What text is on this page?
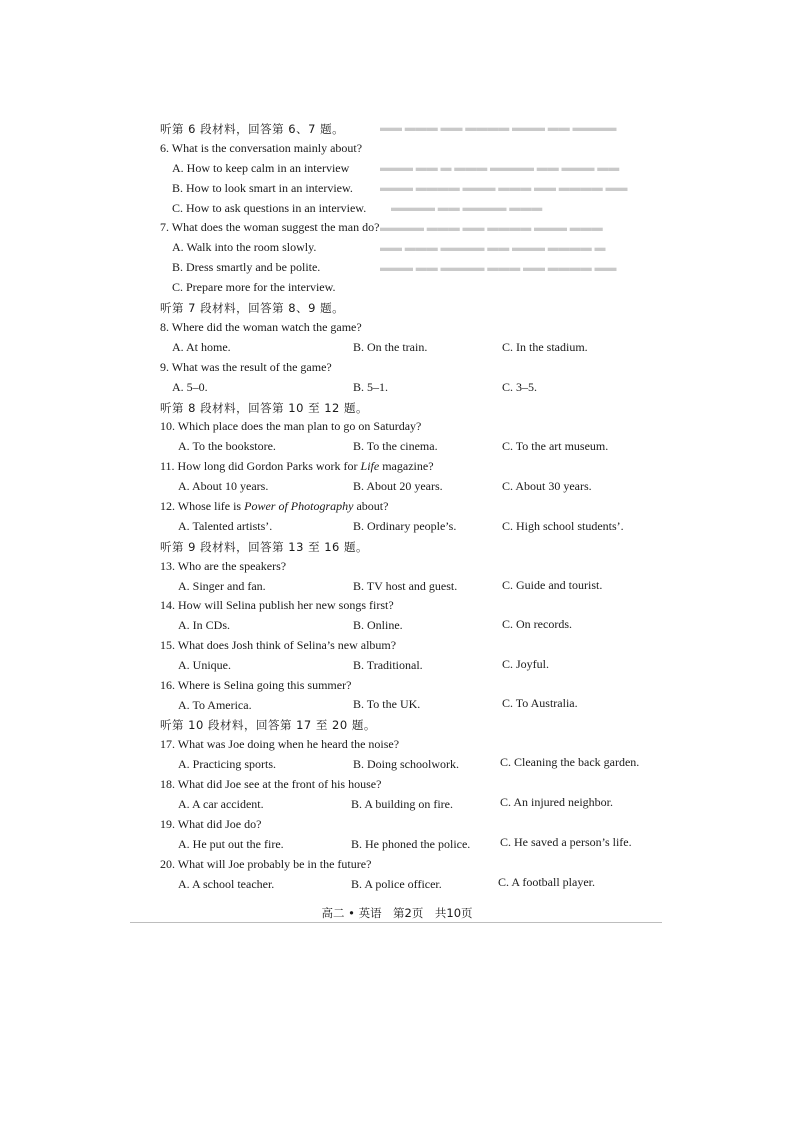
▬▬ ▬▬▬ ▬▬ ▬▬▬▬ ▬▬▬ ▬▬ ▬▬▬▬

▬▬▬ ▬▬ ▬ ▬▬▬ ▬▬▬▬ ▬▬ ▬▬▬ ▬▬
▬▬▬ ▬▬▬▬ ▬▬▬ ▬▬▬ ▬▬ ▬▬▬▬ ▬▬
▬▬▬▬ ▬▬ ▬▬▬▬ ▬▬▬
▬▬▬▬ ▬▬▬ ▬▬ ▬▬▬▬ ▬▬▬ ▬▬▬
▬▬ ▬▬▬ ▬▬▬▬ ▬▬ ▬▬▬ ▬▬▬▬ ▬
▬▬▬ ▬▬ ▬▬▬▬ ▬▬▬ ▬▬ ▬▬▬▬ ▬▬
听第 6 段材料，回答第 6、7 题。
6. What is the conversation mainly about?
A. How to keep calm in an interview
B. How to look smart in an interview.
C. How to ask questions in an interview.
7. What does the woman suggest the man do?
A. Walk into the room slowly.
B. Dress smartly and be polite.
C. Prepare more for the interview.
听第 7 段材料，回答第 8、9 题。
8. Where did the woman watch the game?
A. At home.	B. On the train.	C. In the stadium.
9. What was the result of the game?
A. 5–0.	B. 5–1.	C. 3–5.
听第 8 段材料，回答第 10 至 12 题。
10. Which place does the man plan to go on Saturday?
A. To the bookstore.	B. To the cinema.	C. To the art museum.
11. How long did Gordon Parks work for Life magazine?
A. About 10 years.	B. About 20 years.	C. About 30 years.
12. Whose life is Power of Photography about?
A. Talented artists’.	B. Ordinary people’s.	C. High school students’.
听第 9 段材料，回答第 13 至 16 题。
13. Who are the speakers?
A. Singer and fan.	B. TV host and guest.	C. Guide and tourist.
14. How will Selina publish her new songs first?
A. In CDs.	B. Online.	C. On records.
15. What does Josh think of Selina’s new album?
A. Unique.	B. Traditional.	C. Joyful.
16. Where is Selina going this summer?
A. To America.	B. To the UK.	C. To Australia.
听第 10 段材料，回答第 17 至 20 题。
17. What was Joe doing when he heard the noise?
A. Practicing sports.	B. Doing schoolwork.	C. Cleaning the back garden.
18. What did Joe see at the front of his house?
A. A car accident.	B. A building on fire.	C. An injured neighbor.
19. What did Joe do?
A. He put out the fire.	B. He phoned the police. C. He saved a person’s life.
20. What will Joe probably be in the future?
A. A school teacher.	B. A police officer.	C. A football player.
高二 • 英语　第2页　共10页
